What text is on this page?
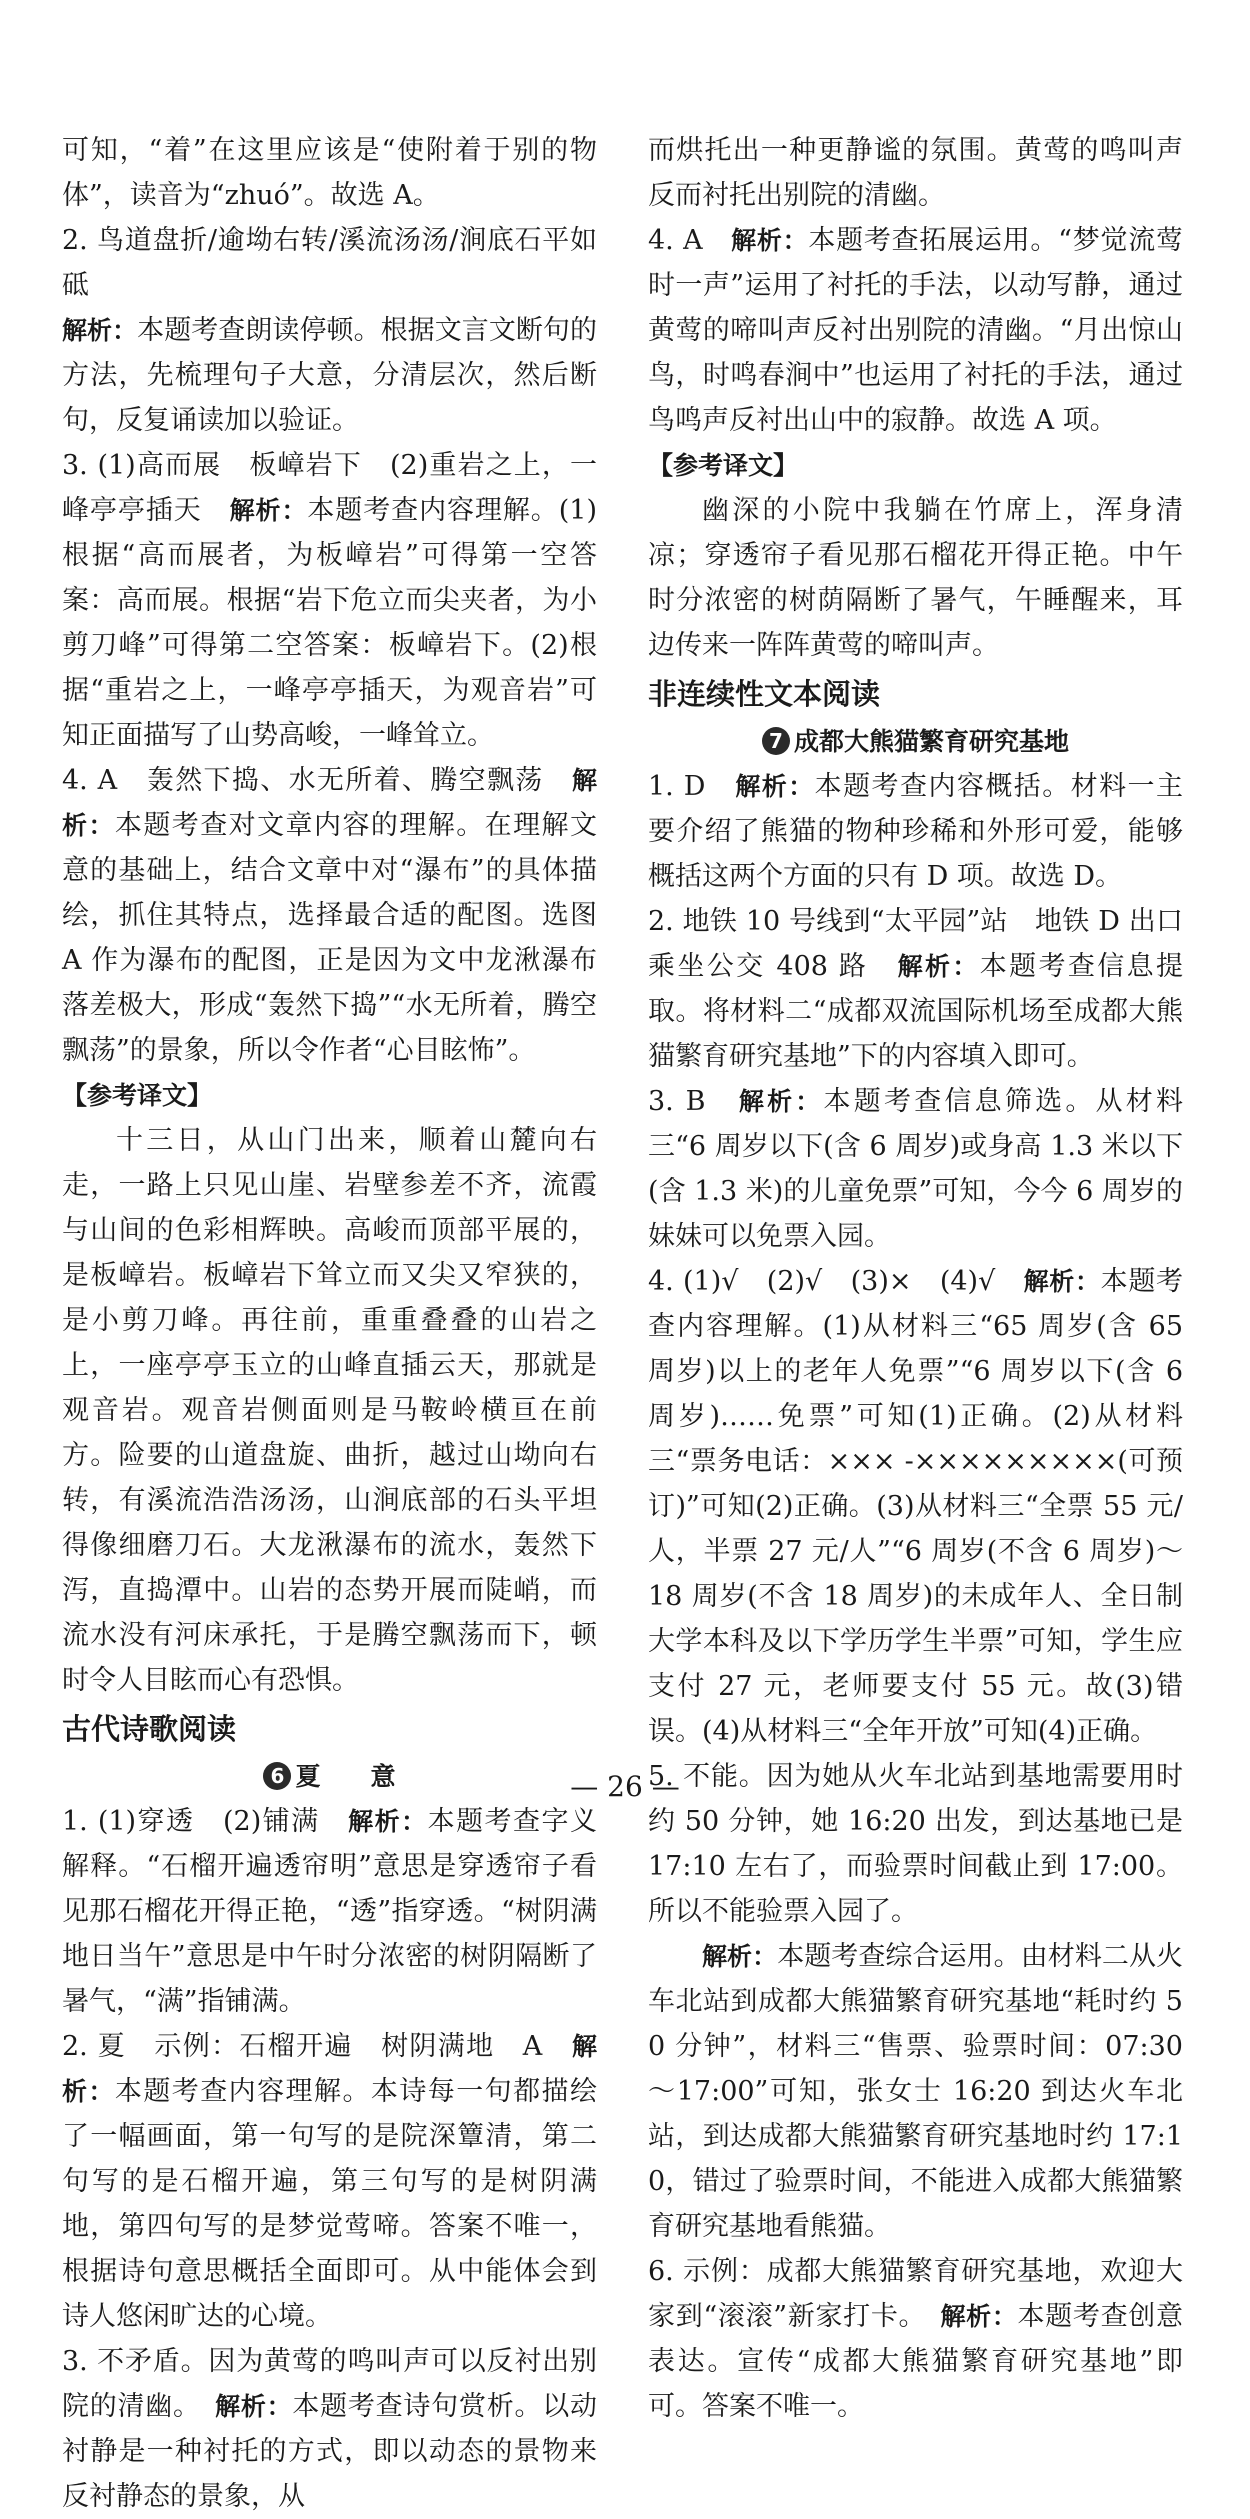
可知，“着”在这里应该是“使附着于别的物体”，读音为“zhuó”。故选 A。

2. 鸟道盘折/逾坳右转/溪流汤汤/涧底石平如砥

解析：本题考查朗读停顿。根据文言文断句的方法，先梳理句子大意，分清层次，然后断句，反复诵读加以验证。

3. (1)高而展　板嶂岩下　(2)重岩之上，一峰亭亭插天　解析：本题考查内容理解。(1)根据“高而展者，为板嶂岩”可得第一空答案：高而展。根据“岩下危立而尖夹者，为小剪刀峰”可得第二空答案：板嶂岩下。(2)根据“重岩之上，一峰亭亭插天，为观音岩”可知正面描写了山势高峻，一峰耸立。

4. A　轰然下捣、水无所着、腾空飘荡　解析：本题考查对文章内容的理解。在理解文意的基础上，结合文章中对“瀑布”的具体描绘，抓住其特点，选择最合适的配图。选图 A 作为瀑布的配图，正是因为文中龙湫瀑布落差极大，形成“轰然下捣”“水无所着，腾空飘荡”的景象，所以令作者“心目眩怖”。

【参考译文】

十三日，从山门出来，顺着山麓向右走，一路上只见山崖、岩壁参差不齐，流霞与山间的色彩相辉映。高峻而顶部平展的，是板嶂岩。板嶂岩下耸立而又尖又窄狭的，是小剪刀峰。再往前，重重叠叠的山岩之上，一座亭亭玉立的山峰直插云天，那就是观音岩。观音岩侧面则是马鞍岭横亘在前方。险要的山道盘旋、曲折，越过山坳向右转，有溪流浩浩汤汤，山涧底部的石头平坦得像细磨刀石。大龙湫瀑布的流水，轰然下泻，直捣潭中。山岩的态势开展而陡峭，而流水没有河床承托，于是腾空飘荡而下，顿时令人目眩而心有恐惧。

古代诗歌阅读
6 夏　　意

1. (1)穿透　(2)铺满　解析：本题考查字义解释。“石榴开遍透帘明”意思是穿透帘子看见那石榴花开得正艳，“透”指穿透。“树阴满地日当午”意思是中午时分浓密的树阴隔断了暑气，“满”指铺满。

2. 夏　示例：石榴开遍　树阴满地　A　解析：本题考查内容理解。本诗每一句都描绘了一幅画面，第一句写的是院深簟清，第二句写的是石榴开遍，第三句写的是树阴满地，第四句写的是梦觉莺啼。答案不唯一，根据诗句意思概括全面即可。从中能体会到诗人悠闲旷达的心境。

3. 不矛盾。因为黄莺的鸣叫声可以反衬出别院的清幽。　解析：本题考查诗句赏析。以动衬静是一种衬托的方式，即以动态的景物来反衬静态的景象，从

而烘托出一种更静谧的氛围。黄莺的鸣叫声反而衬托出别院的清幽。

4. A　解析：本题考查拓展运用。“梦觉流莺时一声”运用了衬托的手法，以动写静，通过黄莺的啼叫声反衬出别院的清幽。“月出惊山鸟，时鸣春涧中”也运用了衬托的手法，通过鸟鸣声反衬出山中的寂静。故选 A 项。

【参考译文】

幽深的小院中我躺在竹席上，浑身清凉；穿透帘子看见那石榴花开得正艳。中午时分浓密的树荫隔断了暑气，午睡醒来，耳边传来一阵阵黄莺的啼叫声。

非连续性文本阅读
7 成都大熊猫繁育研究基地

1. D　解析：本题考查内容概括。材料一主要介绍了熊猫的物种珍稀和外形可爱，能够概括这两个方面的只有 D 项。故选 D。

2. 地铁 10 号线到“太平园”站　地铁 D 出口　乘坐公交 408 路　解析：本题考查信息提取。将材料二“成都双流国际机场至成都大熊猫繁育研究基地”下的内容填入即可。

3. B　解析：本题考查信息筛选。从材料三“6 周岁以下(含 6 周岁)或身高 1.3 米以下(含 1.3 米)的儿童免票”可知，今今 6 周岁的妹妹可以免票入园。

4. (1)√　(2)√　(3)×　(4)√　解析：本题考查内容理解。(1)从材料三“65 周岁(含 65 周岁)以上的老年人免票”“6 周岁以下(含 6 周岁)……免票”可知(1)正确。(2)从材料三“票务电话：××× -×××××××××(可预订)”可知(2)正确。(3)从材料三“全票 55 元/人，半票 27 元/人”“6 周岁(不含 6 周岁)～18 周岁(不含 18 周岁)的未成年人、全日制大学本科及以下学历学生半票”可知，学生应支付 27 元，老师要支付 55 元。故(3)错误。(4)从材料三“全年开放”可知(4)正确。

5. 不能。因为她从火车北站到基地需要用时约 50 分钟，她 16:20 出发，到达基地已是 17:10 左右了，而验票时间截止到 17:00。所以不能验票入园了。

解析：本题考查综合运用。由材料二从火车北站到成都大熊猫繁育研究基地“耗时约 50 分钟”，材料三“售票、验票时间：07:30～17:00”可知，张女士 16:20 到达火车北站，到达成都大熊猫繁育研究基地时约 17:10，错过了验票时间，不能进入成都大熊猫繁育研究基地看熊猫。

6. 示例：成都大熊猫繁育研究基地，欢迎大家到“滚滚”新家打卡。　解析：本题考查创意表达。宣传“成都大熊猫繁育研究基地”即可。答案不唯一。

— 26 —
